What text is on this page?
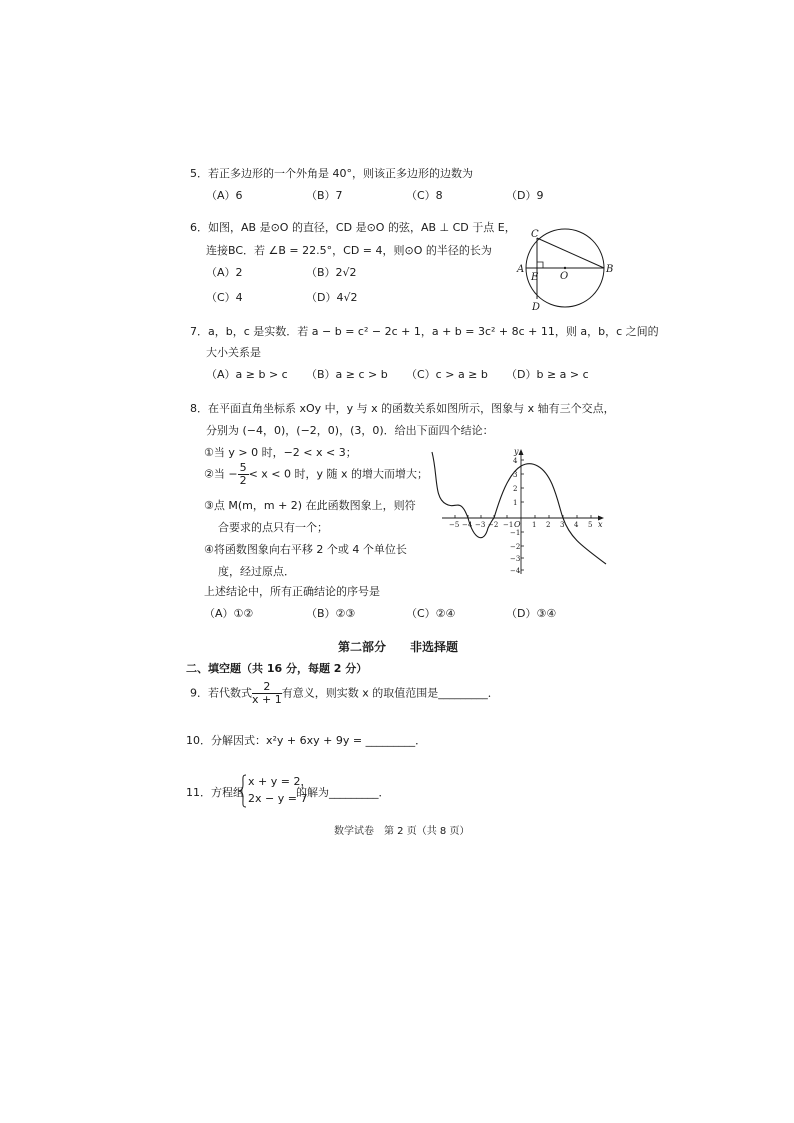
5．若正多边形的一个外角是 40°，则该正多边形的边数为
（A）6	（B）7	（C）8	（D）9
6．如图，AB 是⊙O 的直径，CD 是⊙O 的弦，AB ⊥ CD 于点 E，
连接BC．若 ∠B = 22.5°，CD = 4，则⊙O 的半径的长为
（A）2	（B）2√2
（C）4	（D）4√2
C
A
E O
B
D
7．a，b，c 是实数．若 a − b = c² − 2c + 1，a + b = 3c² + 8c + 11，则 a，b，c 之间的
大小关系是
（A）a ≥ b > c （B）a ≥ c > b （C）c > a ≥ b （D）b ≥ a > c
8．在平面直角坐标系 xOy 中，y 与 x 的函数关系如图所示，图象与 x 轴有三个交点，
分别为 (−4，0)，(−2，0)，(3，0)．给出下面四个结论：
①当 y > 0 时，−2 < x < 3；
②当 − $\frac{5}{2} < x < 0$ 时，y 随 x 的增大而增大；
③点 M(m，m + 2) 在此函数图象上，则符
合要求的点只有一个；
④将函数图象向右平移 2 个或 4 个单位长
度，经过原点．
上述结论中，所有正确结论的序号是
（A）①②	（B）②③	（C）②④	（D）③④
−5 −4 −3 −2 −1	1 2 3 4 5
4
3
2
1
−1
−2
−3
−4
x
y
O
第二部分　　非选择题
二、填空题（共 16 分，每题 2 分）
9．若代数式 $\frac{2}{x + 1}$ 有意义，则实数 x 的取值范围是_________．
10．分解因式：x²y + 6xy + 9y = _________．
11．方程组
x + y = 2，
2x − y = 7
的解为_________．
数学试卷　第 2 页（共 8 页）
